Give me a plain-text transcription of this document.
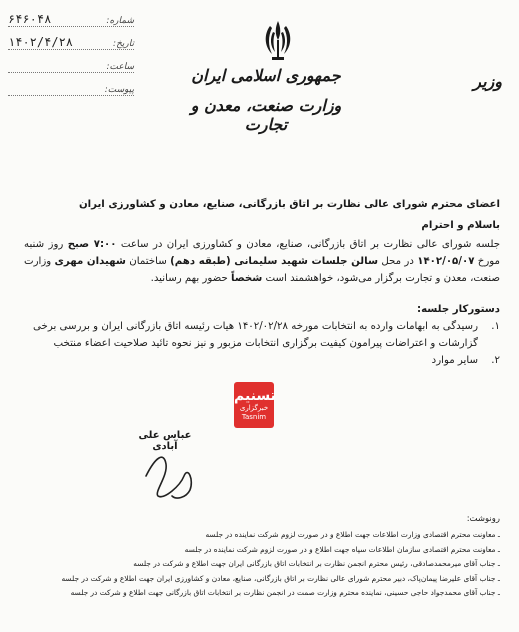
شماره:
۶۴۶۰۴۸
تاریخ:
۱۴۰۲/۴/۲۸
ساعت:
پیوست:
جمهوری اسلامی ایران
وزارت صنعت، معدن و تجارت
وزیر
اعضای محترم شورای عالی نظارت بر اتاق بازرگانی، صنایع، معادن و کشاورزی ایران
باسلام و احترام
جلسه شورای عالی نظارت بر اتاق بازرگانی، صنایع، معادن و کشاورزی ایران در ساعت ۷:۰۰ صبح روز شنبه مورخ ۱۴۰۲/۰۵/۰۷ در محل سالن جلسات شهید سلیمانی (طبقه دهم) ساختمان شهیدان مهری وزارت صنعت، معدن و تجارت برگزار می‌شود، خواهشمند است شخصاً حضور بهم رسانید.
دستورکار جلسه:
۱.
رسیدگی به ابهامات وارده به انتخابات مورخه ۱۴۰۲/۰۲/۲۸ هیات رئیسه اتاق بازرگانی ایران و بررسی برخی گزارشات و اعتراضات پیرامون کیفیت برگزاری انتخابات مزبور و نیز نحوه تائید صلاحیت اعضاء منتخب
۲.
سایر موارد
تسنیم
خبرگزاری
Tasnim
عباس علی آبادی
رونوشت:
ـ معاونت محترم اقتصادی وزارت اطلاعات جهت اطلاع و در صورت لزوم شرکت نماینده در جلسه
ـ معاونت محترم اقتصادی سازمان اطلاعات سپاه جهت اطلاع و در صورت لزوم شرکت نماینده در جلسه
ـ جناب آقای میرمحمدصادقی، رئیس محترم انجمن نظارت بر انتخابات اتاق بازرگانی ایران جهت اطلاع و شرکت در جلسه
ـ جناب آقای علیرضا پیمان‌پاک، دبیر محترم شورای عالی نظارت بر اتاق بازرگانی، صنایع، معادن و کشاورزی ایران جهت اطلاع و شرکت در جلسه
ـ جناب آقای محمدجواد حاجی حسینی، نماینده محترم وزارت صمت در انجمن نظارت بر انتخابات اتاق بازرگانی جهت اطلاع و شرکت در جلسه
